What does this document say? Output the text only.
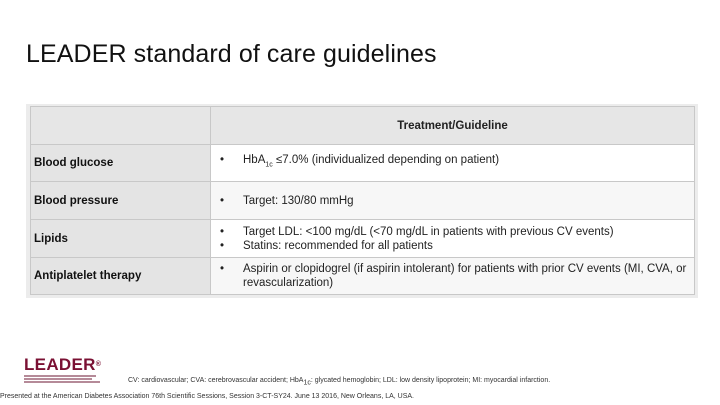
LEADER standard of care guidelines
	Treatment/Guideline
Blood glucose	• HbA$_{1c}$ ≤7.0% (individualized depending on patient)

Blood pressure	• Target: 130/80 mmHg

Lipids	• Target LDL: <100 mg/dL (<70 mg/dL in patients with previous CV events)
• Statins: recommended for all patients

Antiplatelet therapy	• Aspirin or clopidogrel (if aspirin intolerant) for patients with prior CV events (MI, CVA, or revascularization)
LEADER®
CV: cardiovascular; CVA: cerebrovascular accident; HbA$_{1c}$: glycated hemoglobin; LDL: low density lipoprotein; MI: myocardial infarction.
Presented at the American Diabetes Association 76th Scientific Sessions, Session 3-CT-SY24. June 13 2016, New Orleans, LA, USA.
